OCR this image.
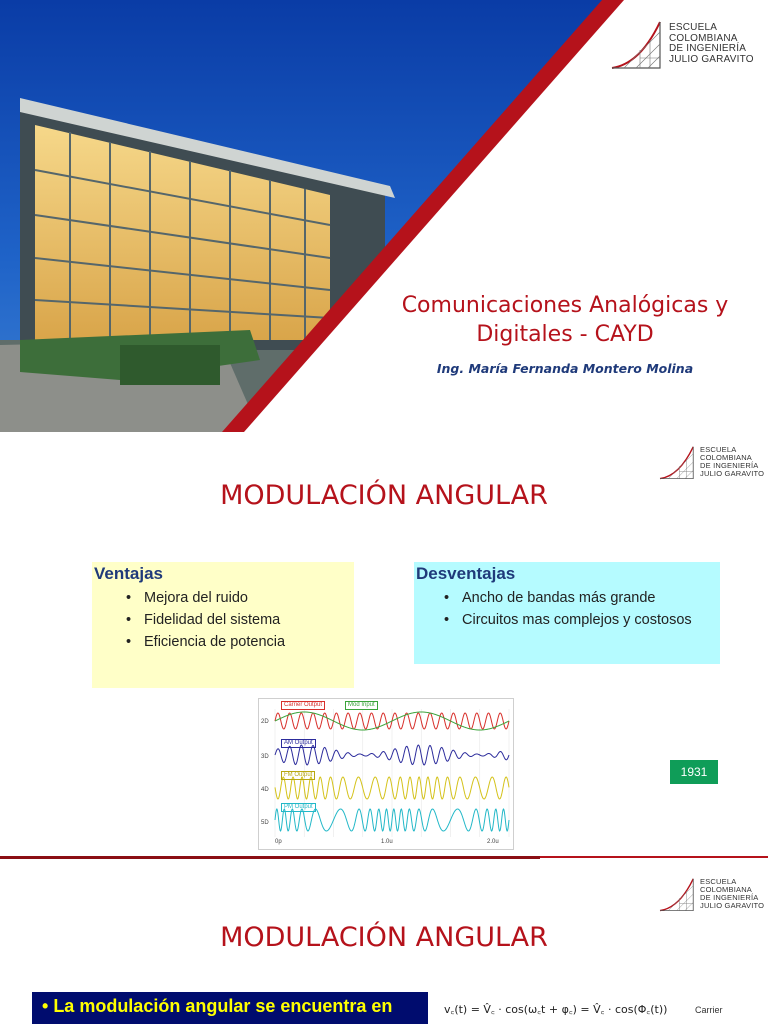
ESCUELA
COLOMBIANA
DE INGENIERÍA
JULIO GARAVITO
Comunicaciones Analógicas y
Digitales - CAYD
Ing. María Fernanda Montero Molina
ESCUELA
COLOMBIANA
DE INGENIERÍA
JULIO GARAVITO
MODULACIÓN ANGULAR
Ventajas
• Mejora del ruido
• Fidelidad del sistema
• Eficiencia de potencia
Desventajas
• Ancho de bandas más grande
• Circuitos mas complejos y costosos
Carrier Output	Mod Input
AM Output
FM Output
PM Output
2D
3D
4D
5D
0p	1.0u	2.0u
1931
ESCUELA
COLOMBIANA
DE INGENIERÍA
JULIO GARAVITO
MODULACIÓN ANGULAR
• La modulación angular se encuentra en	v꜀(t) = V̂꜀ · cos(ω꜀t + φ꜀) = V̂꜀ · cos(Φ꜀(t))	Carrier
